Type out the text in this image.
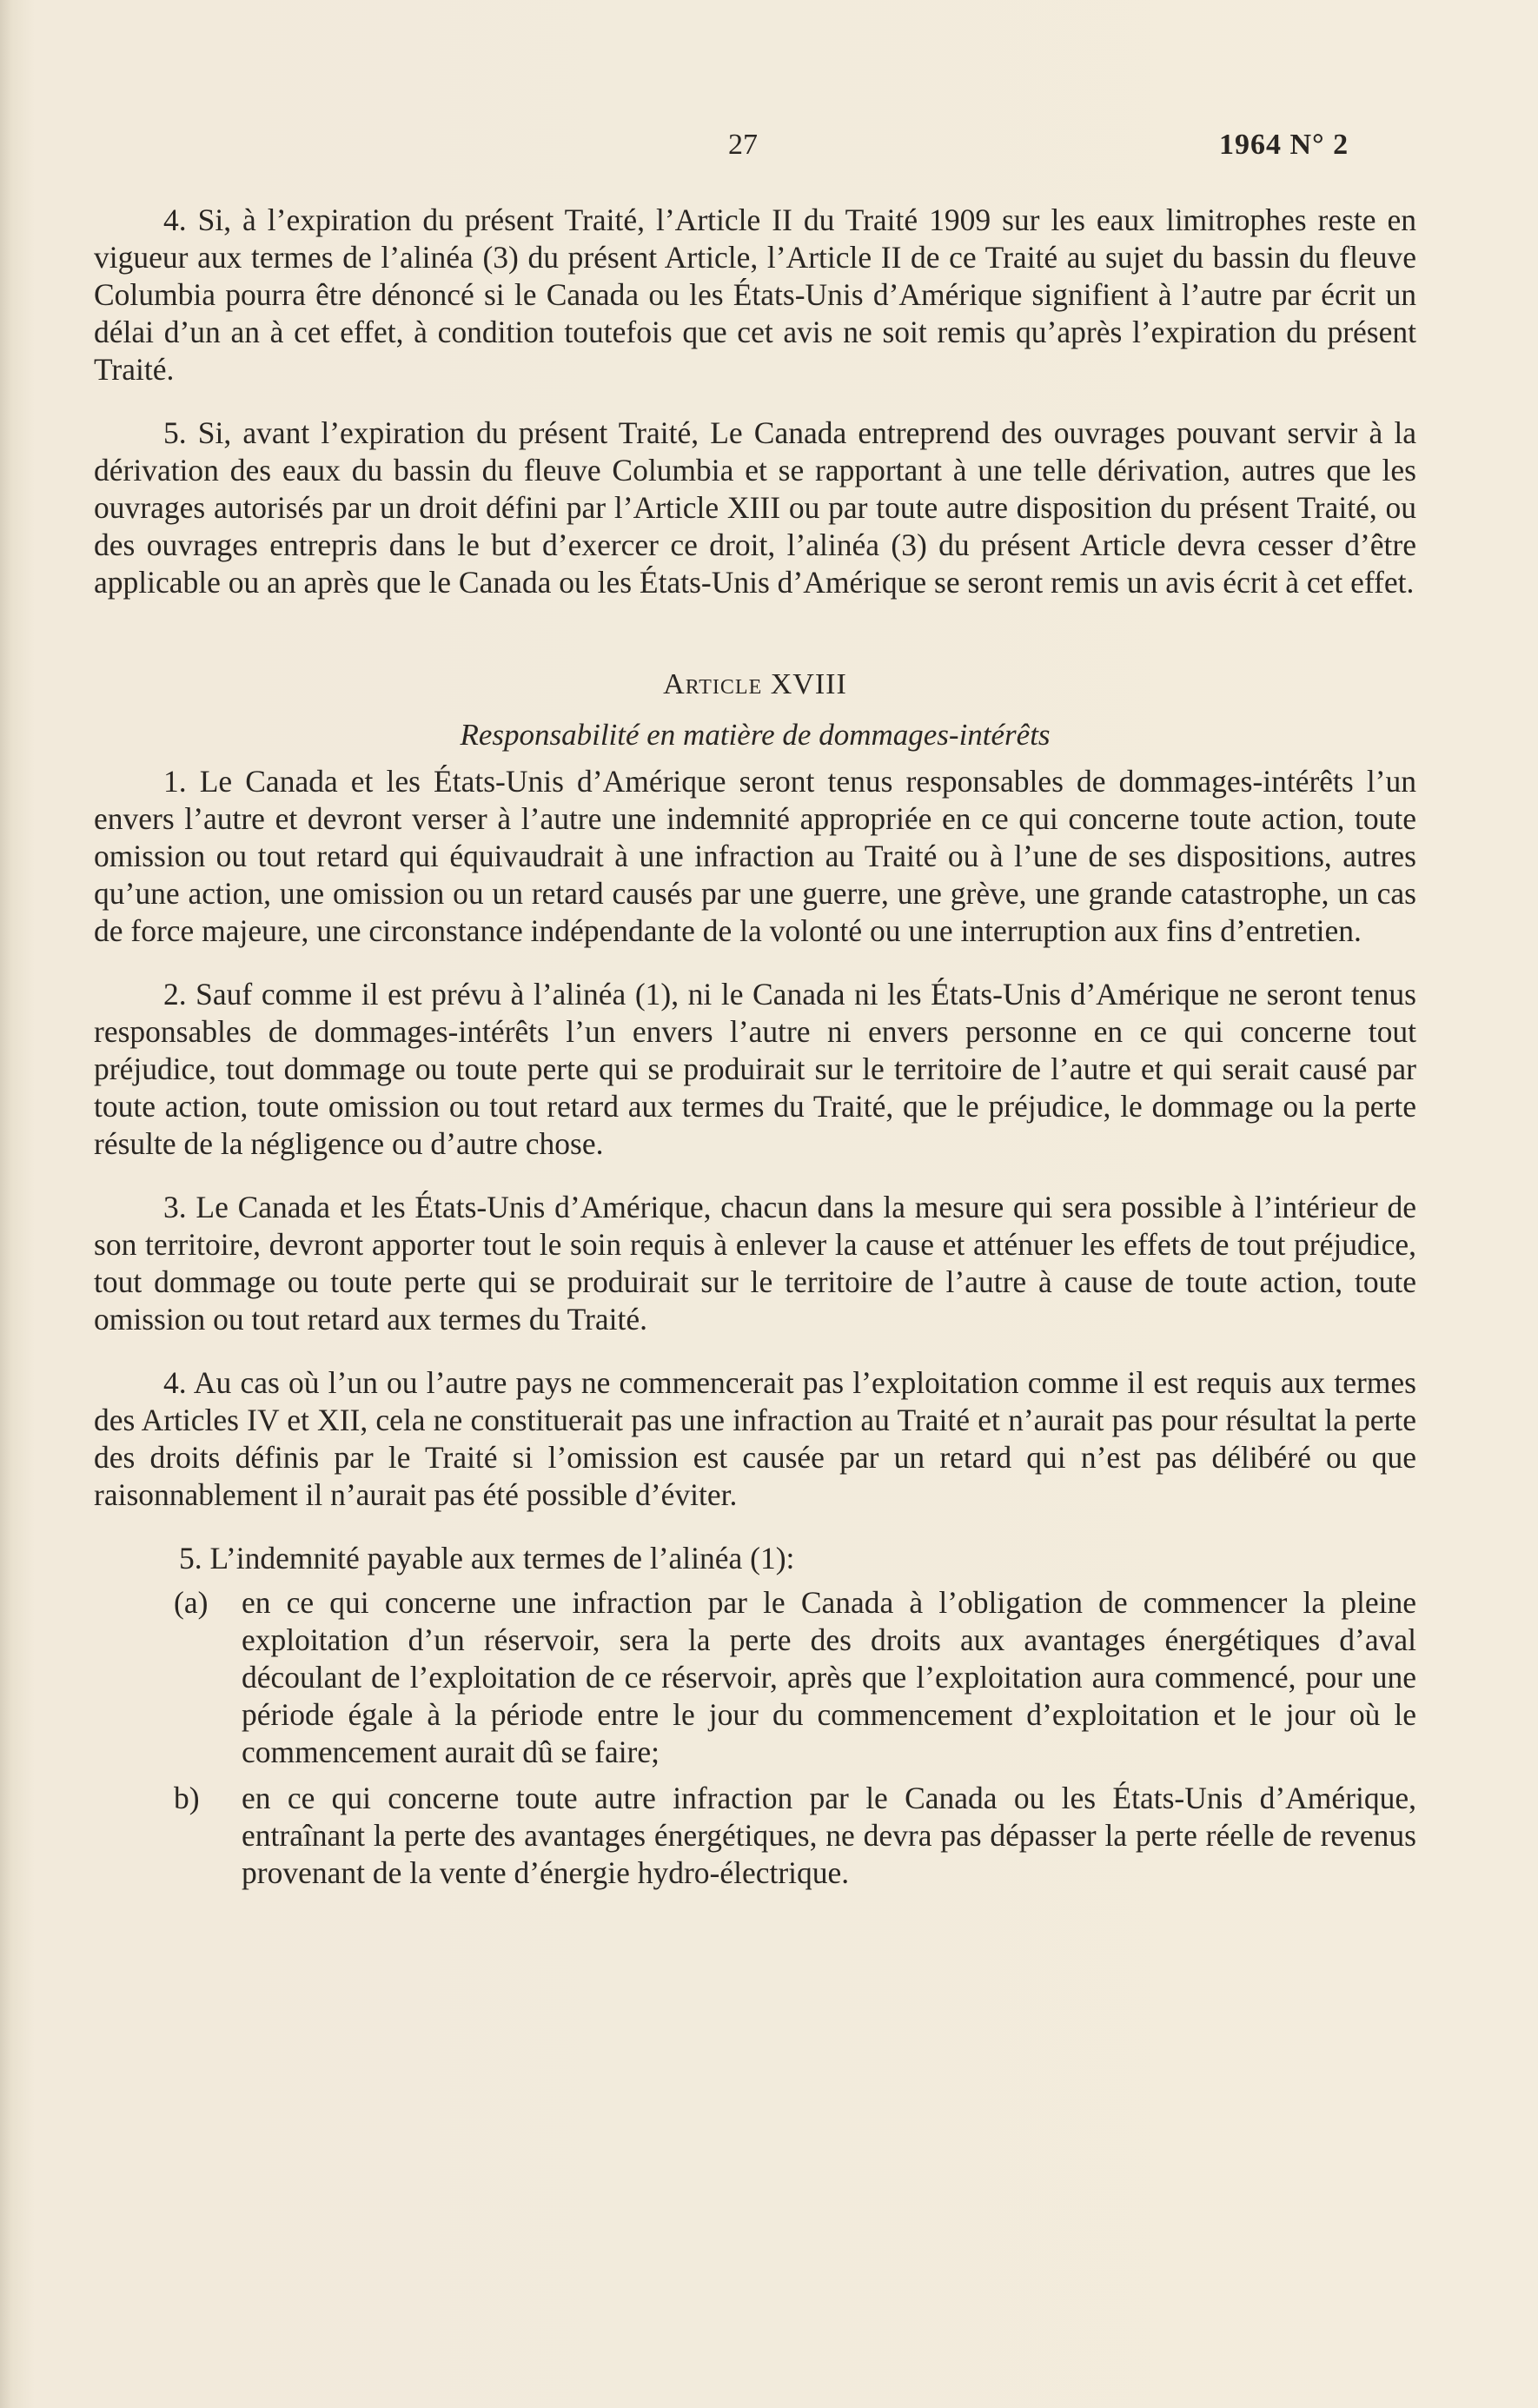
27	1964 N° 2

4. Si, à l’expiration du présent Traité, l’Article II du Traité 1909 sur les eaux limitrophes reste en vigueur aux termes de l’alinéa (3) du présent Article, l’Article II de ce Traité au sujet du bassin du fleuve Columbia pourra être dénoncé si le Canada ou les États-Unis d’Amérique signifient à l’autre par écrit un délai d’un an à cet effet, à condition toutefois que cet avis ne soit remis qu’après l’expiration du présent Traité.

5. Si, avant l’expiration du présent Traité, Le Canada entreprend des ouvrages pouvant servir à la dérivation des eaux du bassin du fleuve Columbia et se rapportant à une telle dérivation, autres que les ouvrages autorisés par un droit défini par l’Article XIII ou par toute autre disposition du présent Traité, ou des ouvrages entrepris dans le but d’exercer ce droit, l’alinéa (3) du présent Article devra cesser d’être applicable ou an après que le Canada ou les États-Unis d’Amérique se seront remis un avis écrit à cet effet.

Article XVIII
Responsabilité en matière de dommages-intérêts

1. Le Canada et les États-Unis d’Amérique seront tenus responsables de dommages-intérêts l’un envers l’autre et devront verser à l’autre une indemnité appropriée en ce qui concerne toute action, toute omission ou tout retard qui équivaudrait à une infraction au Traité ou à l’une de ses dispositions, autres qu’une action, une omission ou un retard causés par une guerre, une grève, une grande catastrophe, un cas de force majeure, une circonstance indépendante de la volonté ou une interruption aux fins d’entretien.

2. Sauf comme il est prévu à l’alinéa (1), ni le Canada ni les États-Unis d’Amérique ne seront tenus responsables de dommages-intérêts l’un envers l’autre ni envers personne en ce qui concerne tout préjudice, tout dommage ou toute perte qui se produirait sur le territoire de l’autre et qui serait causé par toute action, toute omission ou tout retard aux termes du Traité, que le préjudice, le dommage ou la perte résulte de la négligence ou d’autre chose.

3. Le Canada et les États-Unis d’Amérique, chacun dans la mesure qui sera possible à l’intérieur de son territoire, devront apporter tout le soin requis à enlever la cause et atténuer les effets de tout préjudice, tout dommage ou toute perte qui se produirait sur le territoire de l’autre à cause de toute action, toute omission ou tout retard aux termes du Traité.

4. Au cas où l’un ou l’autre pays ne commencerait pas l’exploitation comme il est requis aux termes des Articles IV et XII, cela ne constituerait pas une infraction au Traité et n’aurait pas pour résultat la perte des droits définis par le Traité si l’omission est causée par un retard qui n’est pas délibéré ou que raisonnablement il n’aurait pas été possible d’éviter.

5. L’indemnité payable aux termes de l’alinéa (1):

(a) en ce qui concerne une infraction par le Canada à l’obligation de commencer la pleine exploitation d’un réservoir, sera la perte des droits aux avantages énergétiques d’aval découlant de l’exploitation de ce réservoir, après que l’exploitation aura commencé, pour une période égale à la période entre le jour du commencement d’exploitation et le jour où le commencement aurait dû se faire;
b) en ce qui concerne toute autre infraction par le Canada ou les États-Unis d’Amérique, entraînant la perte des avantages énergétiques, ne devra pas dépasser la perte réelle de revenus provenant de la vente d’énergie hydro-électrique.
